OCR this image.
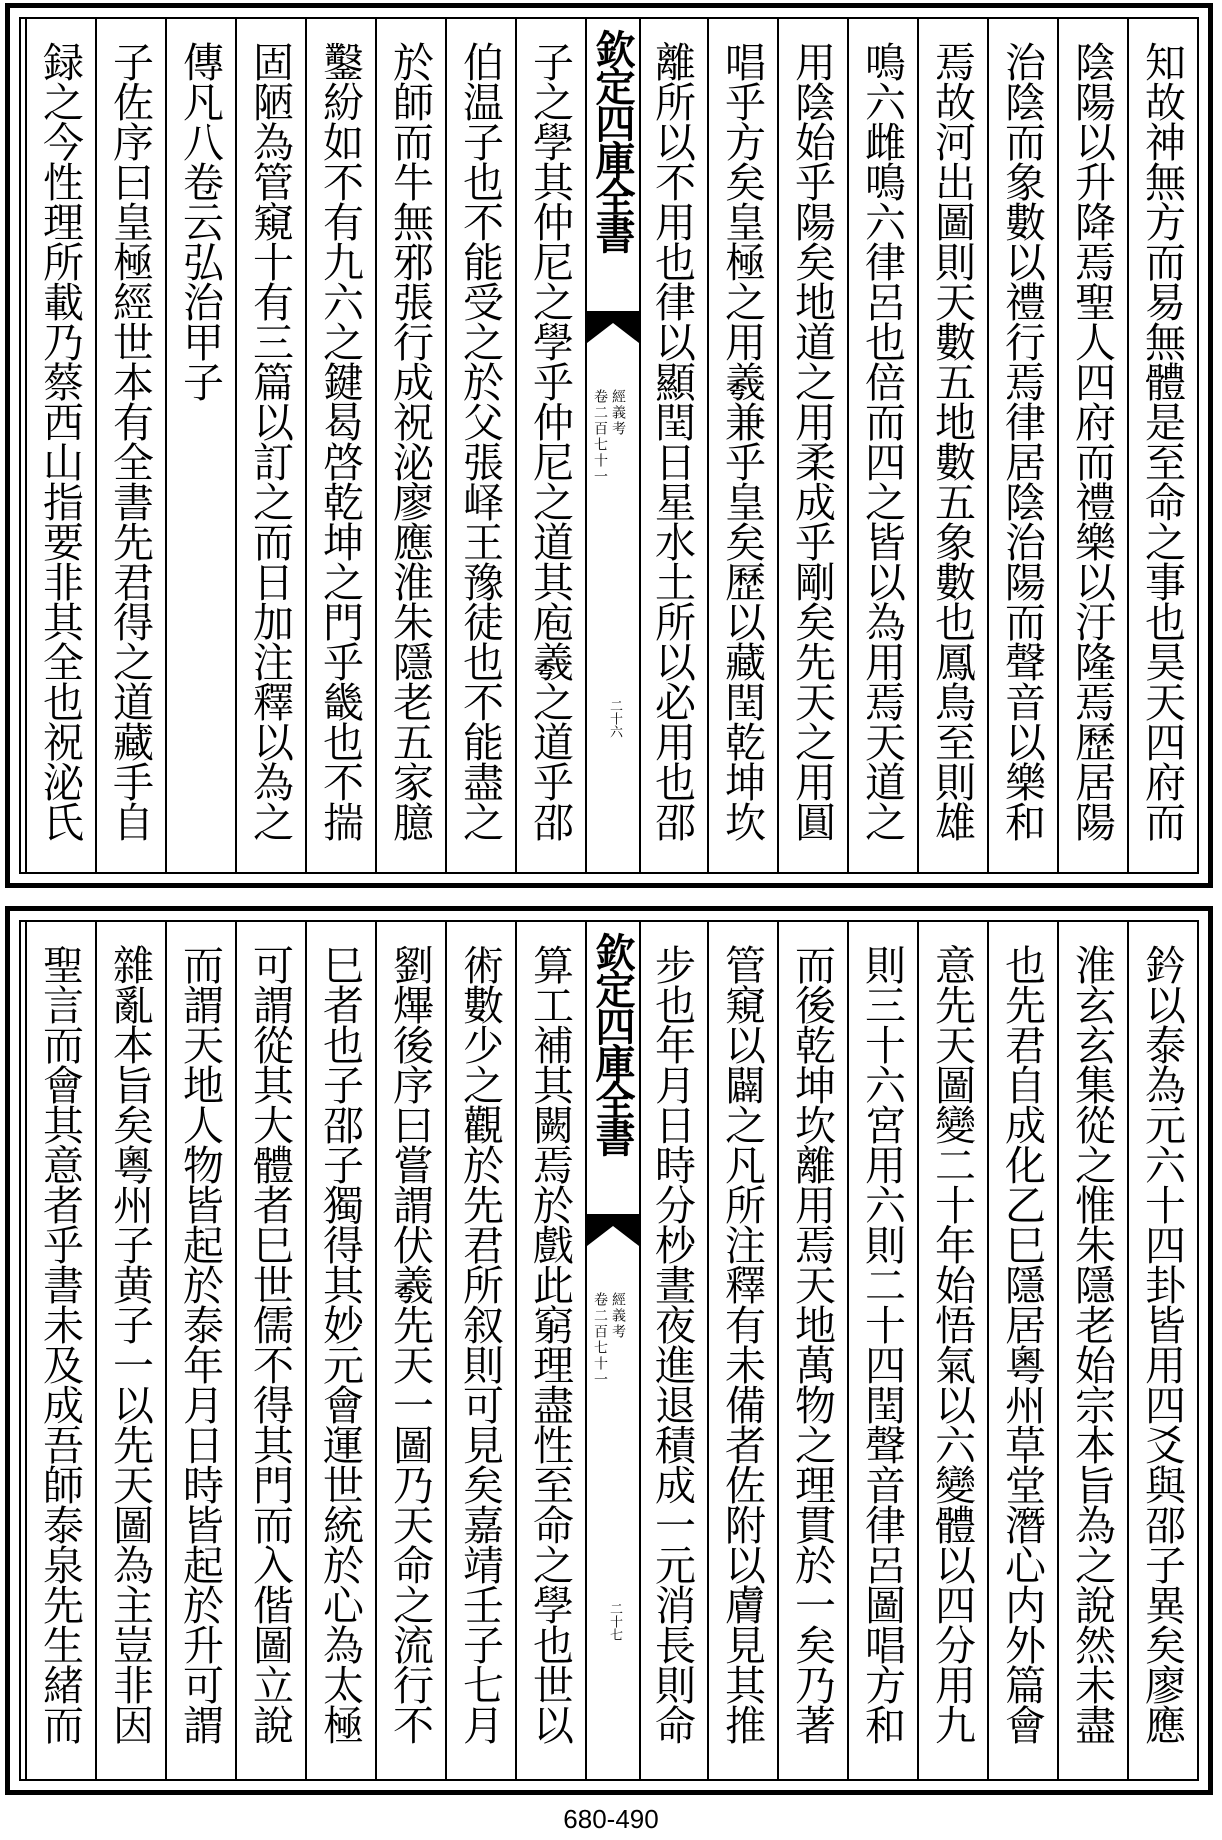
欽定四庫全書
經義考
卷二百七十一
二十六	知故神無方而易無體是至命之事也昊天四府而
陰陽以升降焉聖人四府而禮樂以汙隆焉歷居陽
治陰而象數以禮行焉律居陰治陽而聲音以樂和
焉故河出圖則天數五地數五象數也鳳鳥至則雄
鳴六雌鳴六律呂也倍而四之皆以為用焉天道之
用陰始乎陽矣地道之用柔成乎剛矣先天之用圓
唱乎方矣皇極之用羲兼乎皇矣歷以藏閏乾坤坎
離所以不用也律以顯閏日星水土所以必用也邵
子之學其仲尼之學乎仲尼之道其庖羲之道乎邵
伯温子也不能受之於父張峄王豫徒也不能盡之
於師而牛無邪張行成祝泌廖應淮朱隱老五家臆
鑿紛如不有九六之鍵曷啓乾坤之門乎畿也不揣
固陋為管窺十有三篇以訂之而日加注釋以為之
傳凡八卷云弘治甲子
子佐序曰皇極經世本有全書先君得之道藏手自
録之今性理所載乃蔡西山指要非其全也祝泌氏
欽定四庫全書
經義考
卷二百七十一
二十七	鈐以泰為元六十四卦皆用四爻與邵子異矣廖應
淮玄玄集從之惟朱隱老始宗本旨為之說然未盡
也先君自成化乙巳隱居粵州草堂潛心内外篇會
意先天圖變二十年始悟氣以六變體以四分用九
則三十六宮用六則二十四閏聲音律呂圖唱方和
而後乾坤坎離用焉天地萬物之理貫於一矣乃著
管窺以闢之凡所注釋有未備者佐附以膚見其推
步也年月日時分杪晝夜進退積成一元消長則命
算工補其闕焉於戲此窮理盡性至命之學也世以
術數少之觀於先君所叙則可見矣嘉靖壬子七月
劉熚後序曰嘗謂伏羲先天一圖乃天命之流行不
巳者也子邵子獨得其妙元會運世統於心為太極
可謂從其大體者巳世儒不得其門而入偕圖立說
而謂天地人物皆起於泰年月日時皆起於升可謂
雜亂本旨矣粵州子黄子一以先天圖為主豈非因
聖言而會其意者乎書未及成吾師泰泉先生緒而
680-490
